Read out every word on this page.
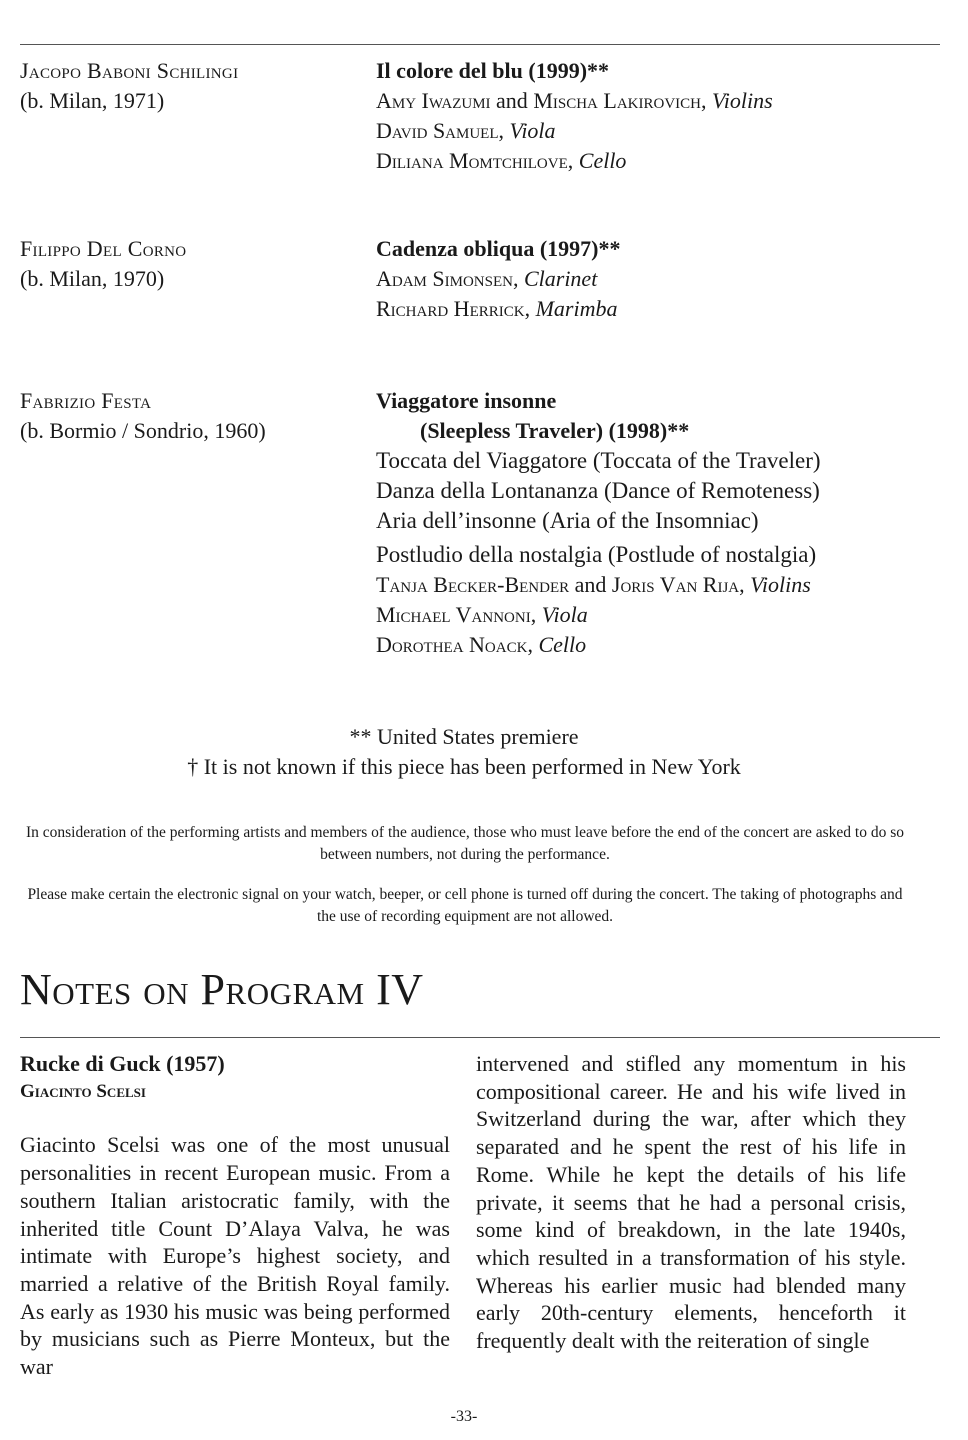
Jacopo Baboni Schilingi
(b. Milan, 1971)
Il colore del blu (1999)**
Amy Iwazumi and Mischa Lakirovich, Violins
David Samuel, Viola
Diliana Momtchilove, Cello
Filippo Del Corno
(b. Milan, 1970)
Cadenza obliqua (1997)**
Adam Simonsen, Clarinet
Richard Herrick, Marimba
Fabrizio Festa
(b. Bormio / Sondrio, 1960)
Viaggatore insonne
(Sleepless Traveler) (1998)**
Toccata del Viaggatore (Toccata of the Traveler)
Danza della Lontananza (Dance of Remoteness)
Aria dell’insonne (Aria of the Insomniac)
Postludio della nostalgia (Postlude of nostalgia)
Tanja Becker-Bender and Joris Van Rija, Violins
Michael Vannoni, Viola
Dorothea Noack, Cello
** United States premiere
† It is not known if this piece has been performed in New York
In consideration of the performing artists and members of the audience, those who must leave before the end of the concert are asked to do so between numbers, not during the performance.
Please make certain the electronic signal on your watch, beeper, or cell phone is turned off during the concert. The taking of photographs and the use of recording equipment are not allowed.
Notes on Program IV
Rucke di Guck (1957)
Giacinto Scelsi

Giacinto Scelsi was one of the most unusual personalities in recent European music. From a southern Italian aristocratic family, with the inherited title Count D’Alaya Valva, he was intimate with Europe’s highest society, and married a relative of the British Royal family. As early as 1930 his music was being performed by musicians such as Pierre Monteux, but the war

intervened and stifled any momentum in his compositional career. He and his wife lived in Switzerland during the war, after which they separated and he spent the rest of his life in Rome. While he kept the details of his life private, it seems that he had a personal crisis, some kind of breakdown, in the late 1940s, which resulted in a transformation of his style. Whereas his earlier music had blended many early 20th-century elements, henceforth it frequently dealt with the reiteration of single

-33-
